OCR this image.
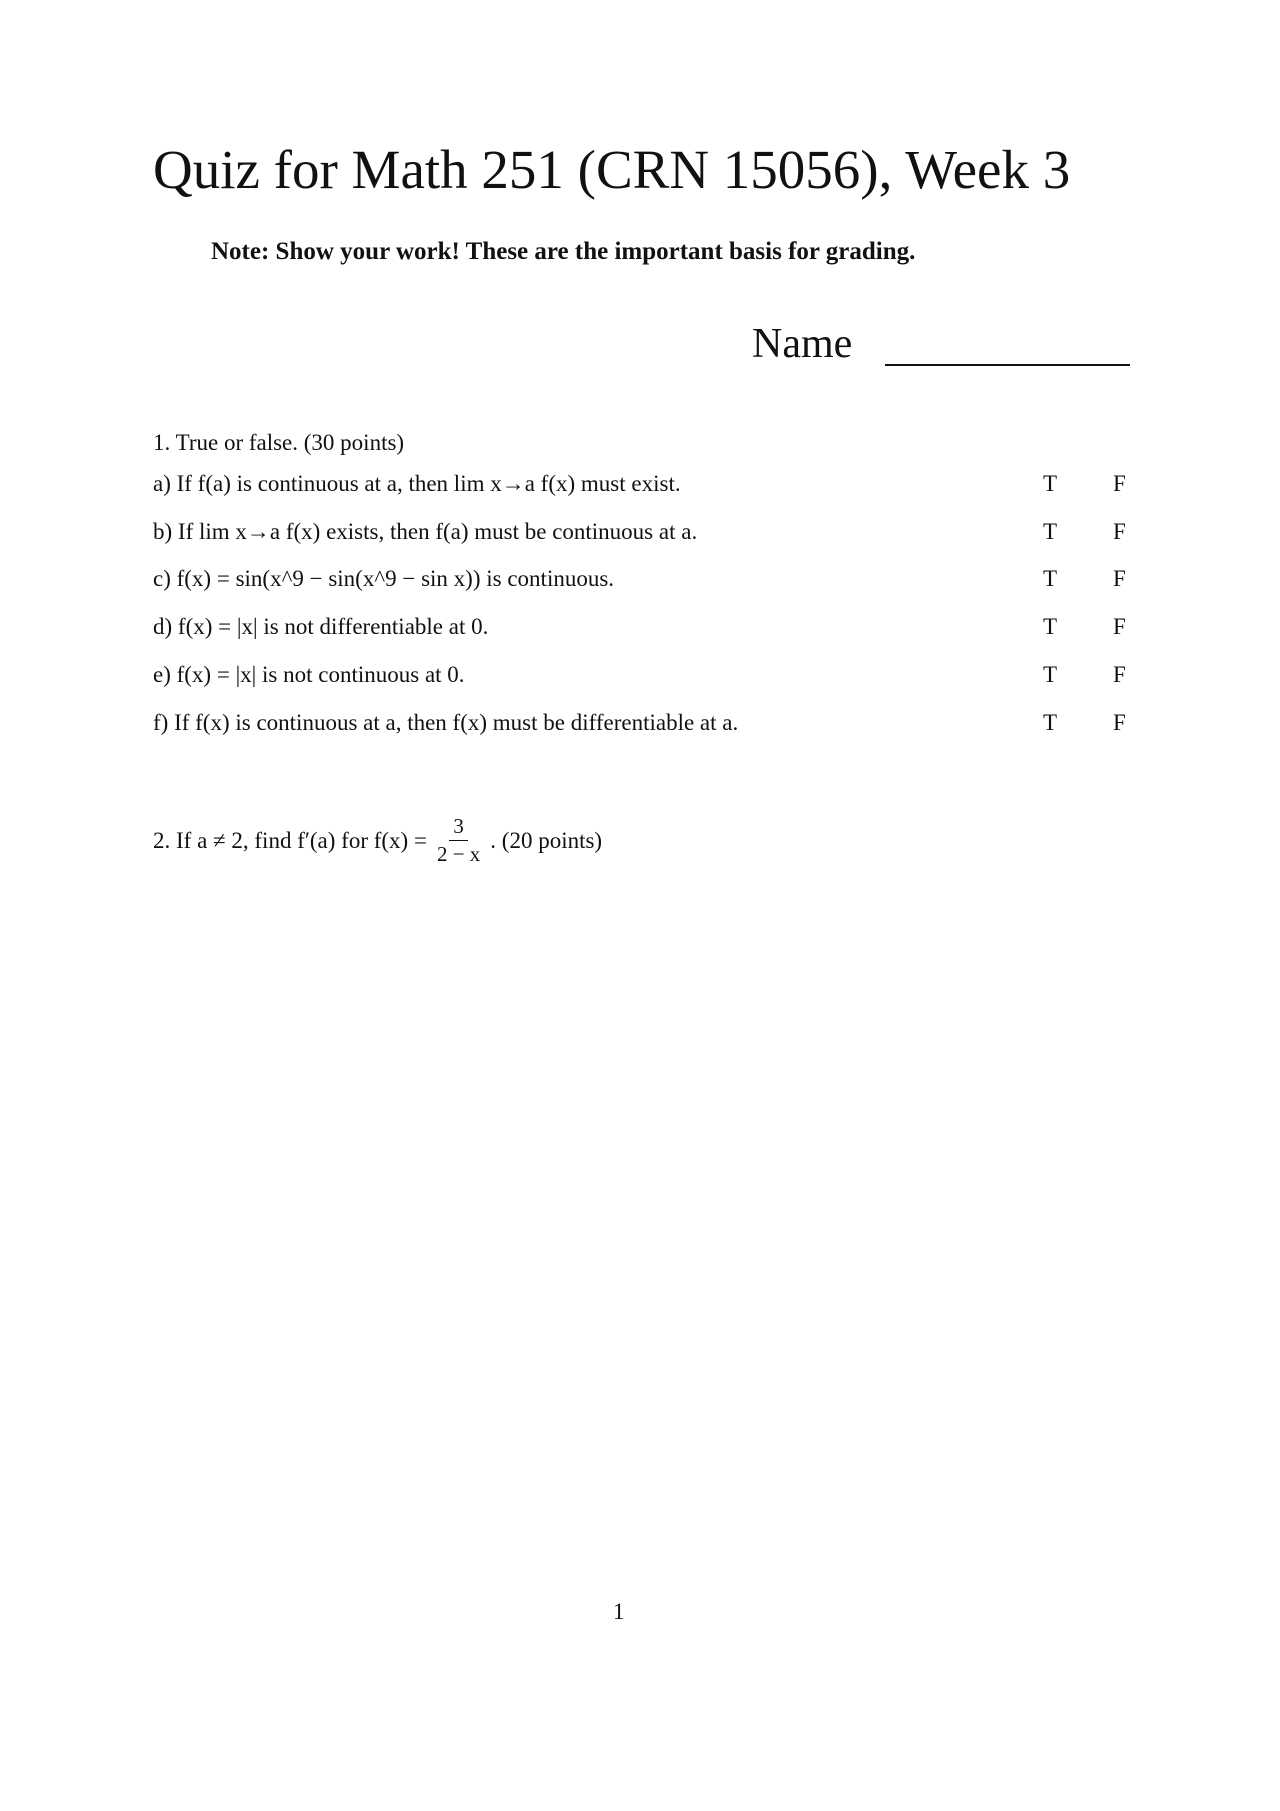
Quiz for Math 251 (CRN 15056), Week 3
Note: Show your work! These are the important basis for grading.
Name
1. True or false. (30 points)
a) If f(a) is continuous at a, then lim x→a f(x) must exist.	T F
b) If lim x→a f(x) exists, then f(a) must be continuous at a.	T F
c) f(x) = sin(x^9 − sin(x^9 − sin x)) is continuous.	T F
d) f(x) = |x| is not differentiable at 0.	T F
e) f(x) = |x| is not continuous at 0.	T F
f) If f(x) is continuous at a, then f(x) must be differentiable at a.	T F
2. If a ≠ 2, find f′(a) for $f(x) = \frac{3}{2 - x}$ . (20 points)
1
